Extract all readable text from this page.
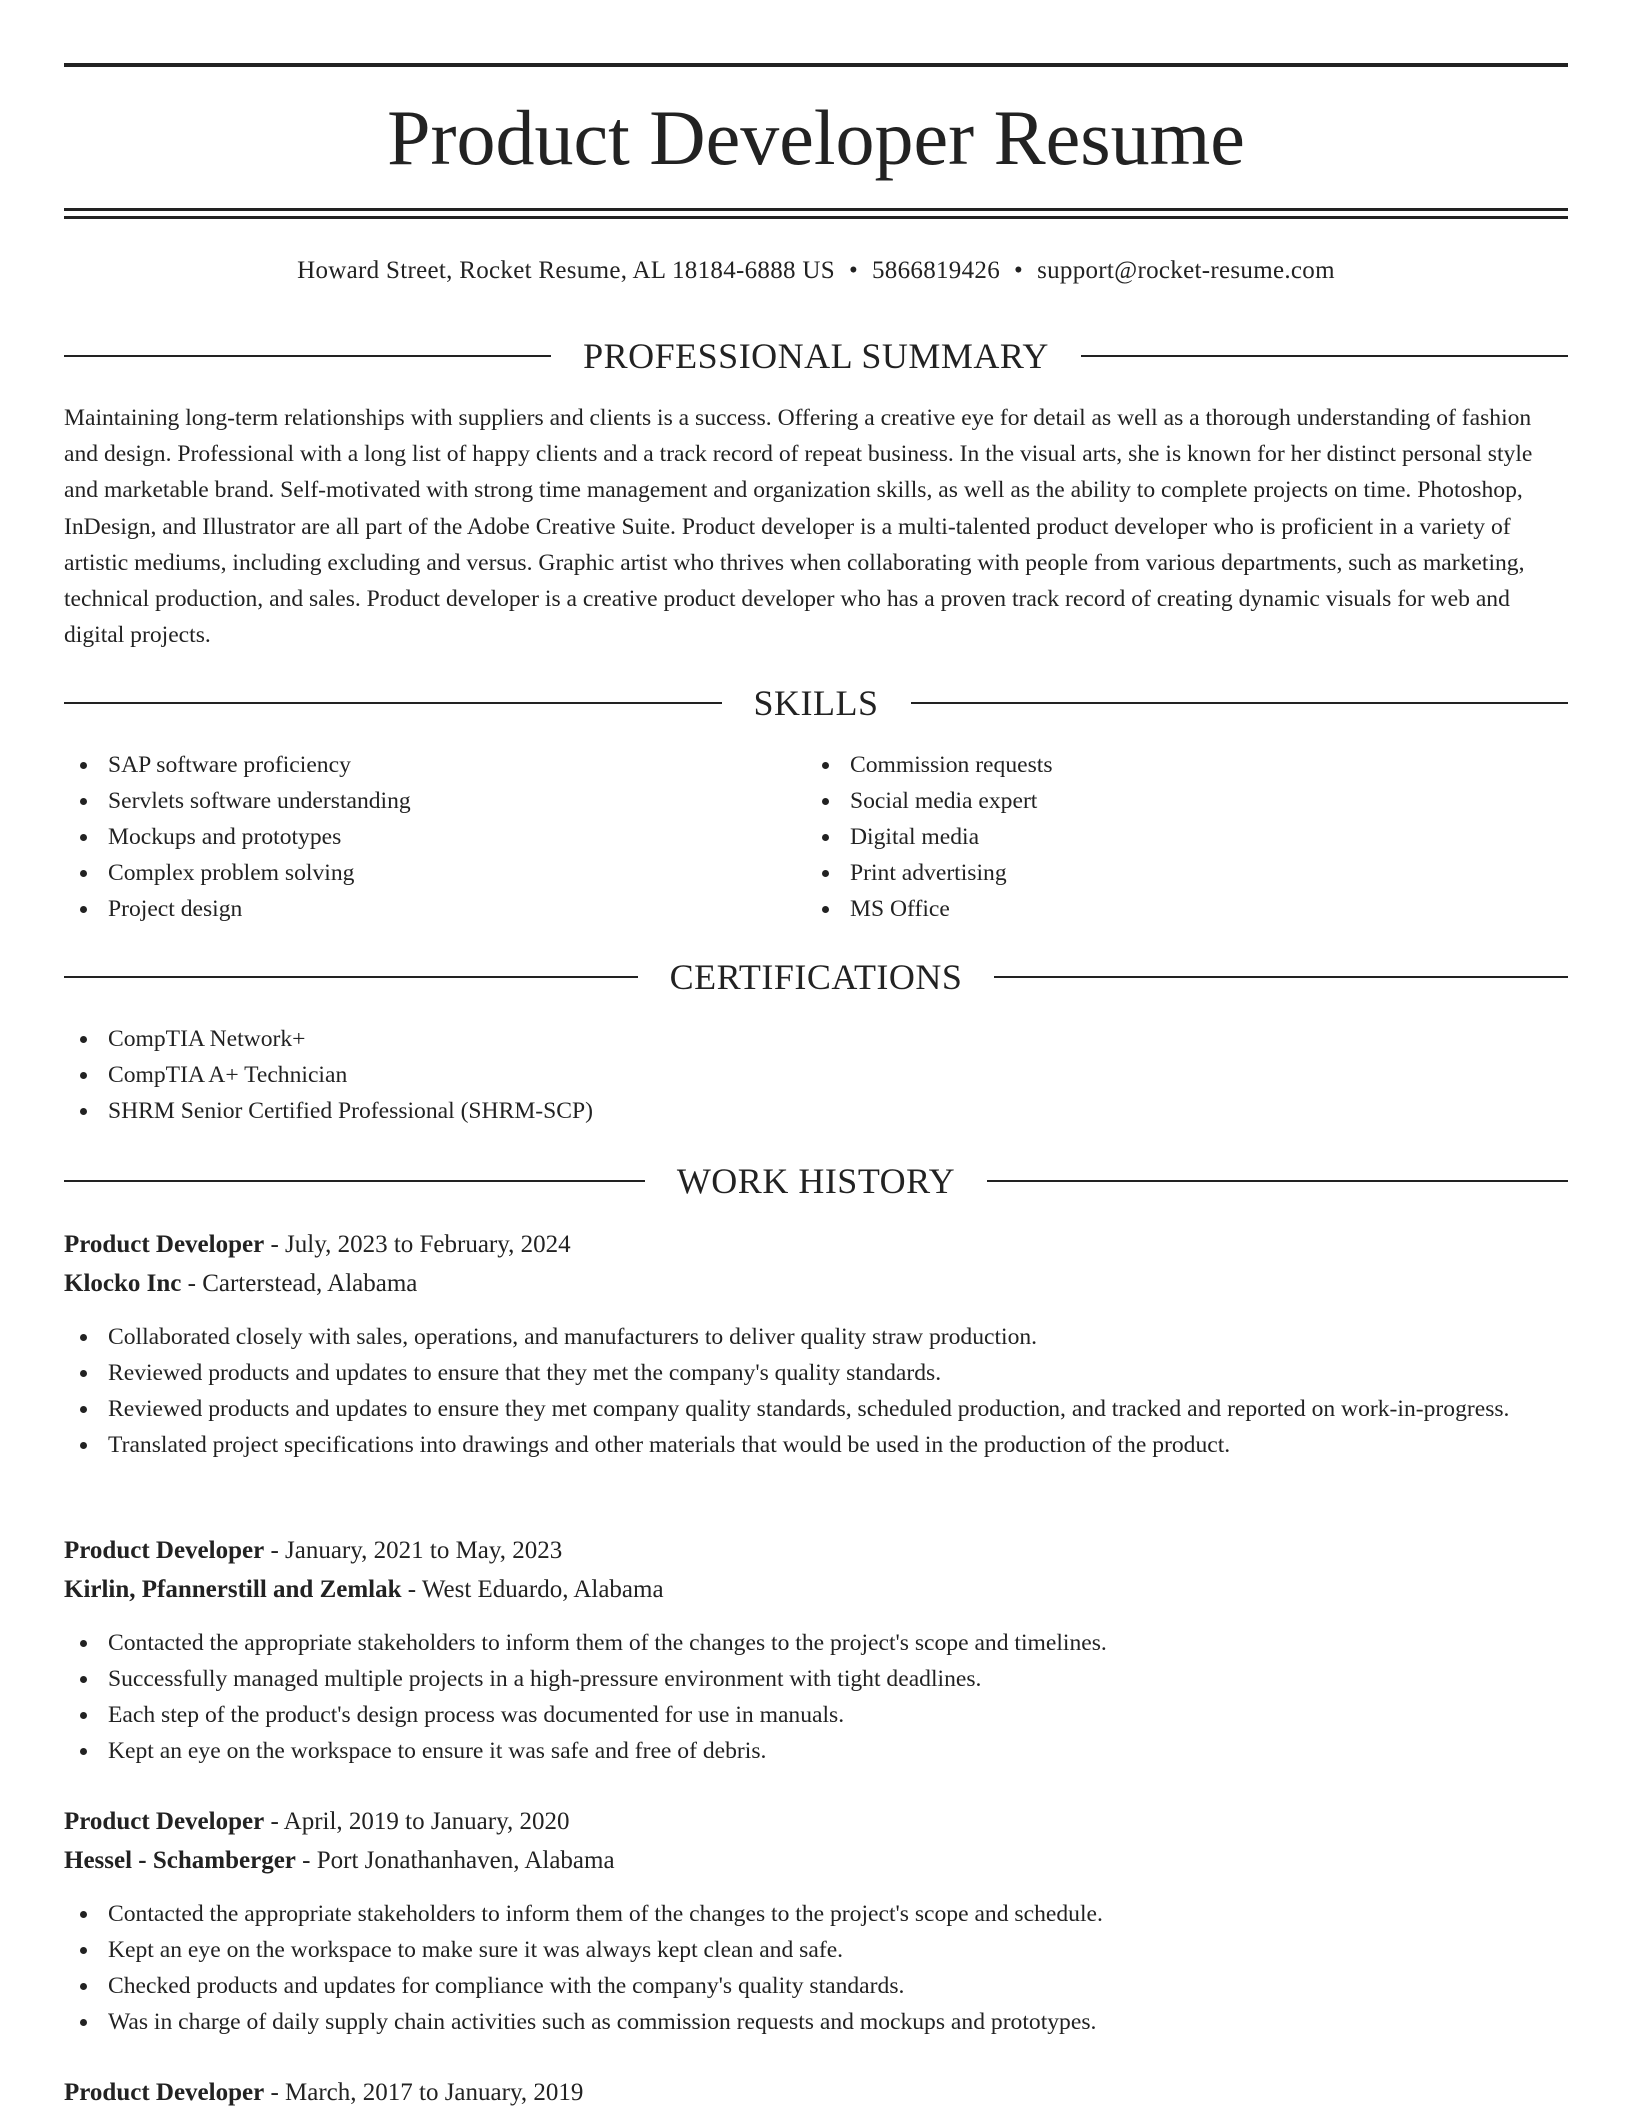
Product Developer Resume
Howard Street, Rocket Resume, AL 18184-6888 US • 5866819426 • support@rocket-resume.com
PROFESSIONAL SUMMARY

Maintaining long-term relationships with suppliers and clients is a success. Offering a creative eye for detail as well as a thorough understanding of fashion and design. Professional with a long list of happy clients and a track record of repeat business. In the visual arts, she is known for her distinct personal style and marketable brand. Self-motivated with strong time management and organization skills, as well as the ability to complete projects on time. Photoshop, InDesign, and Illustrator are all part of the Adobe Creative Suite. Product developer is a multi-talented product developer who is proficient in a variety of artistic mediums, including excluding and versus. Graphic artist who thrives when collaborating with people from various departments, such as marketing, technical production, and sales. Product developer is a creative product developer who has a proven track record of creating dynamic visuals for web and digital projects.

SKILLS
SAP software proficiency
Servlets software understanding
Mockups and prototypes
Complex problem solving
Project design
Commission requests
Social media expert
Digital media
Print advertising
MS Office
CERTIFICATIONS
CompTIA Network+
CompTIA A+ Technician
SHRM Senior Certified Professional (SHRM-SCP)
WORK HISTORY
Product Developer - July, 2023 to February, 2024
Klocko Inc - Carterstead, Alabama
Collaborated closely with sales, operations, and manufacturers to deliver quality straw production.
Reviewed products and updates to ensure that they met the company's quality standards.
Reviewed products and updates to ensure they met company quality standards, scheduled production, and tracked and reported on work-in-progress.
Translated project specifications into drawings and other materials that would be used in the production of the product.
Product Developer - January, 2021 to May, 2023
Kirlin, Pfannerstill and Zemlak - West Eduardo, Alabama
Contacted the appropriate stakeholders to inform them of the changes to the project's scope and timelines.
Successfully managed multiple projects in a high-pressure environment with tight deadlines.
Each step of the product's design process was documented for use in manuals.
Kept an eye on the workspace to ensure it was safe and free of debris.
Product Developer - April, 2019 to January, 2020
Hessel - Schamberger - Port Jonathanhaven, Alabama
Contacted the appropriate stakeholders to inform them of the changes to the project's scope and schedule.
Kept an eye on the workspace to make sure it was always kept clean and safe.
Checked products and updates for compliance with the company's quality standards.
Was in charge of daily supply chain activities such as commission requests and mockups and prototypes.
Product Developer - March, 2017 to January, 2019
